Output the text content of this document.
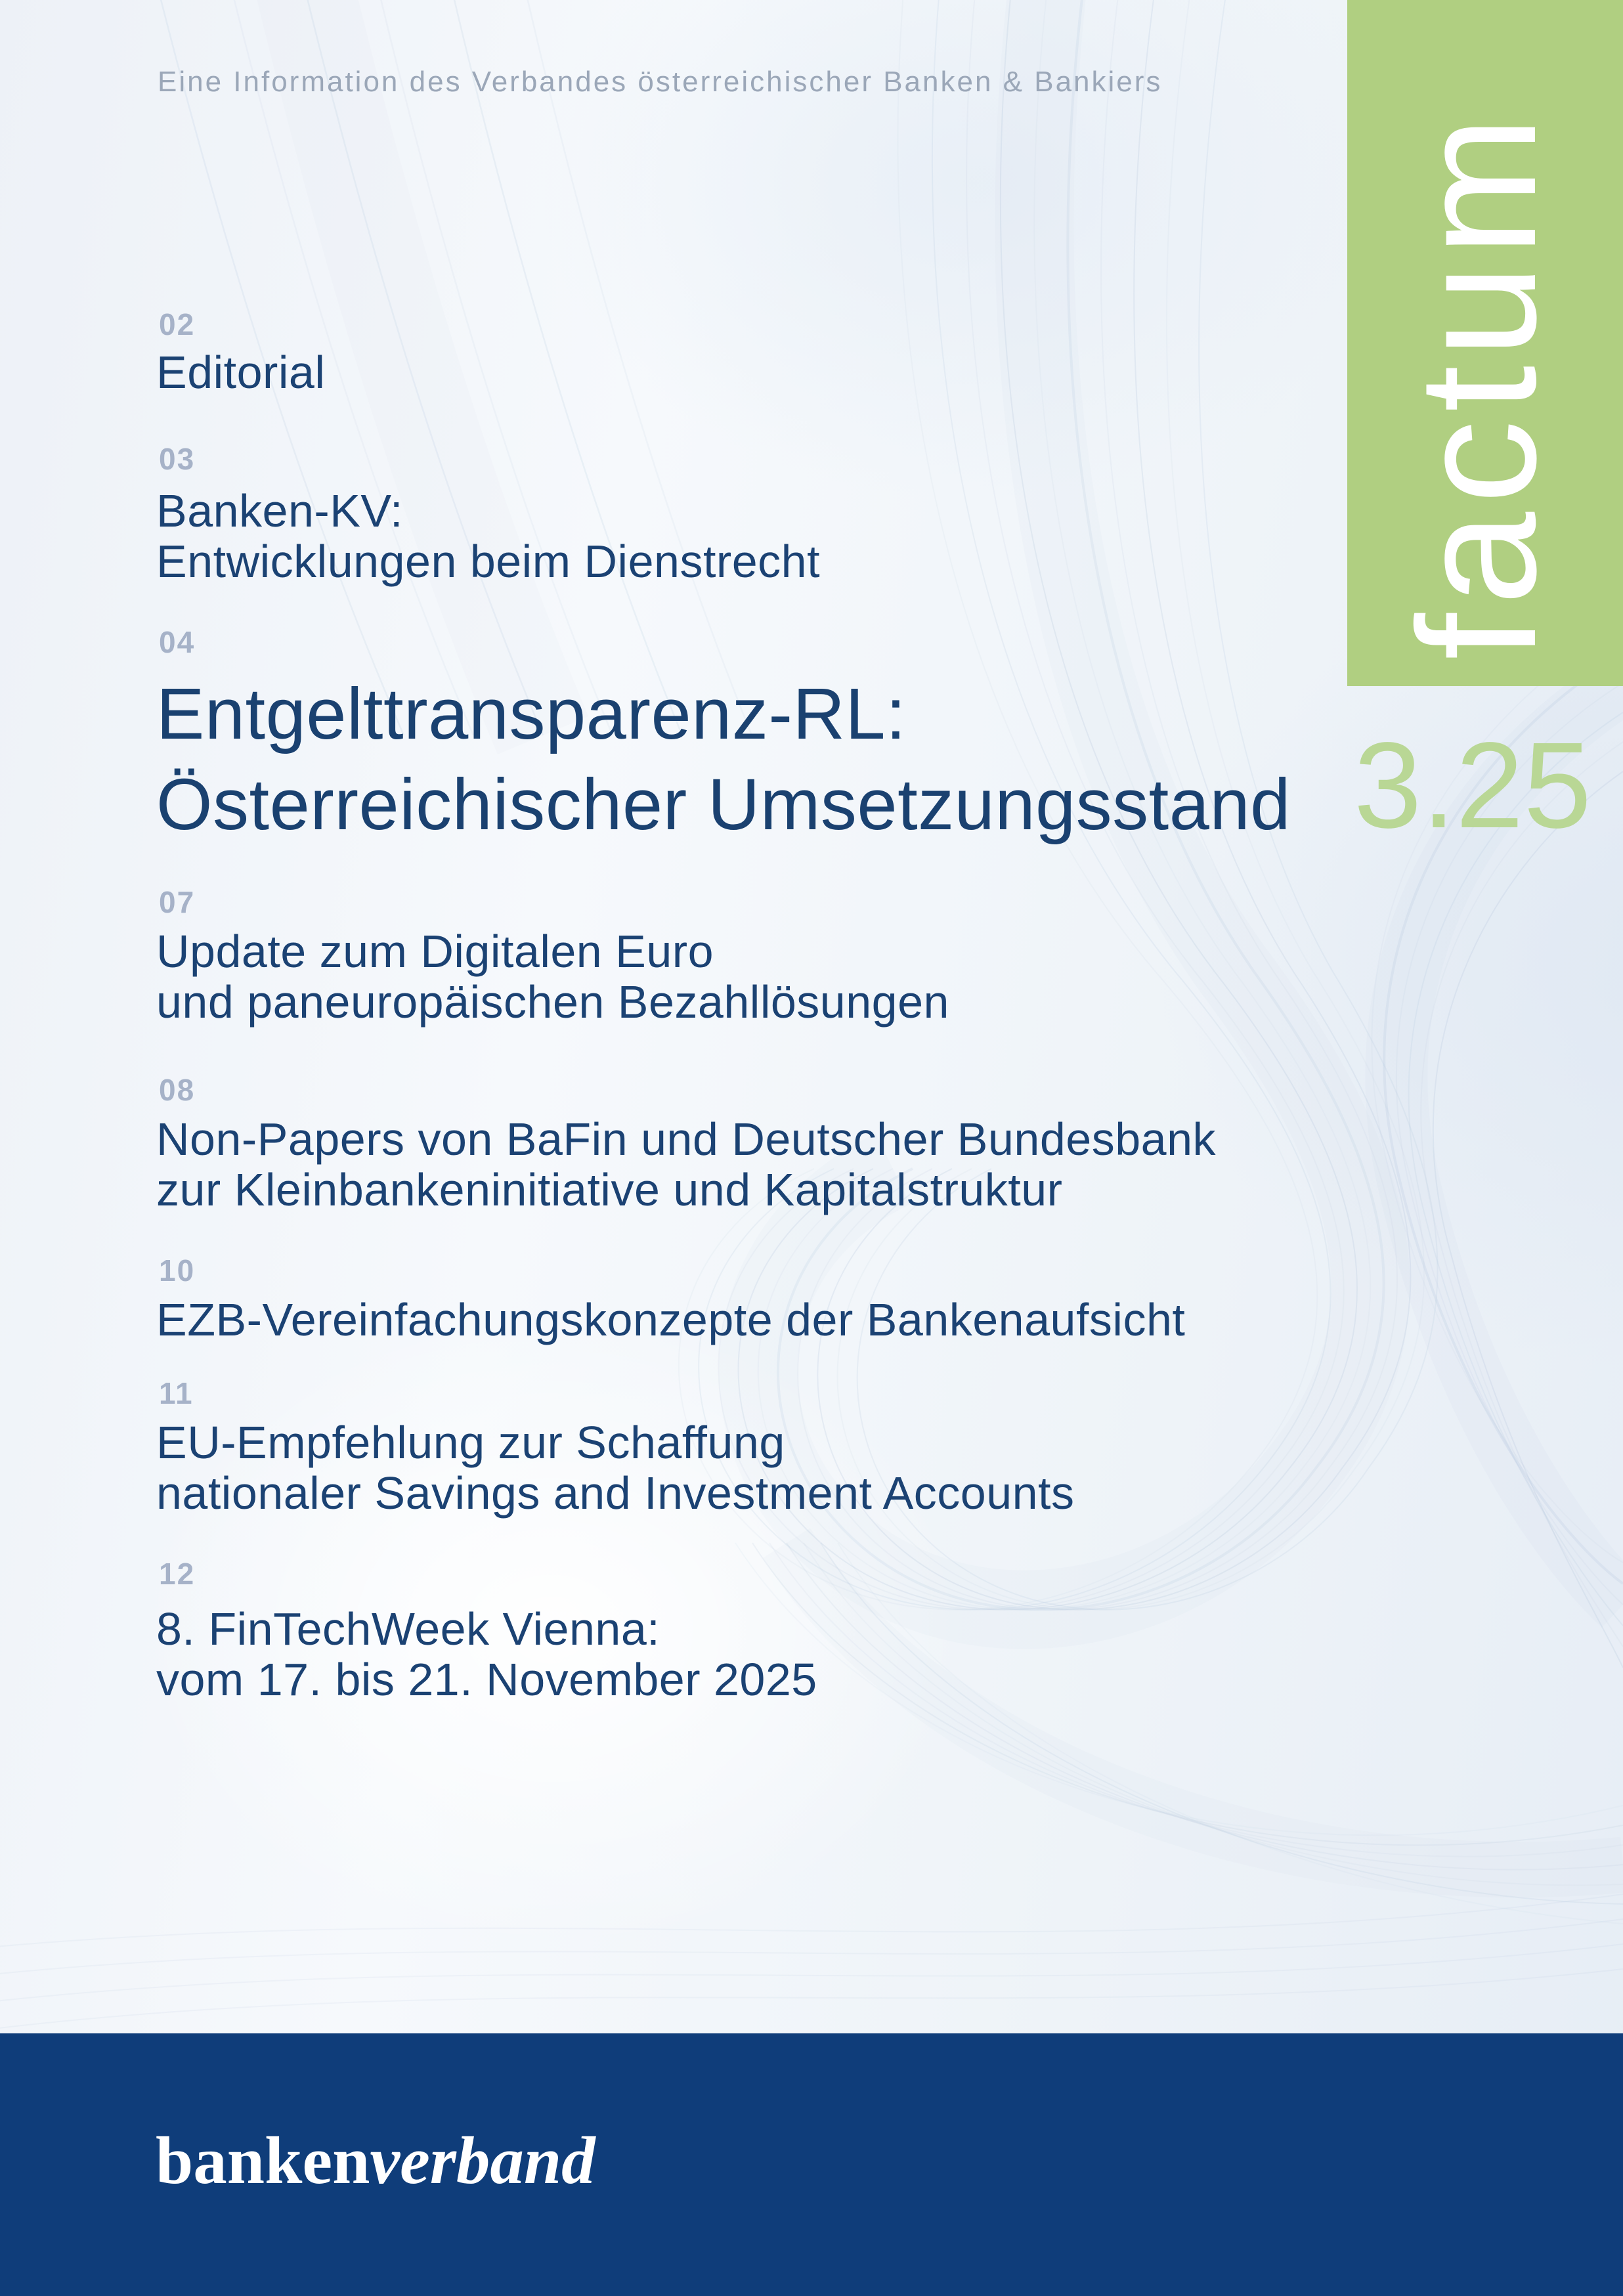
Eine Information des Verbandes österreichischer Banken & Bankiers
factum
3.25
02
Editorial
03
Banken-KV:
Entwicklungen beim Dienstrecht
04
Entgelttransparenz-RL:
Österreichischer Umsetzungsstand
07
Update zum Digitalen Euro
und paneuropäischen Bezahllösungen
08
Non-Papers von BaFin und Deutscher Bundesbank
zur Kleinbankeninitiative und Kapitalstruktur
10
EZB-Vereinfachungskonzepte der Bankenaufsicht
11
EU-Empfehlung zur Schaffung
nationaler Savings and Investment Accounts
12
8. FinTechWeek Vienna:
vom 17. bis 21. November 2025
bankenverband
